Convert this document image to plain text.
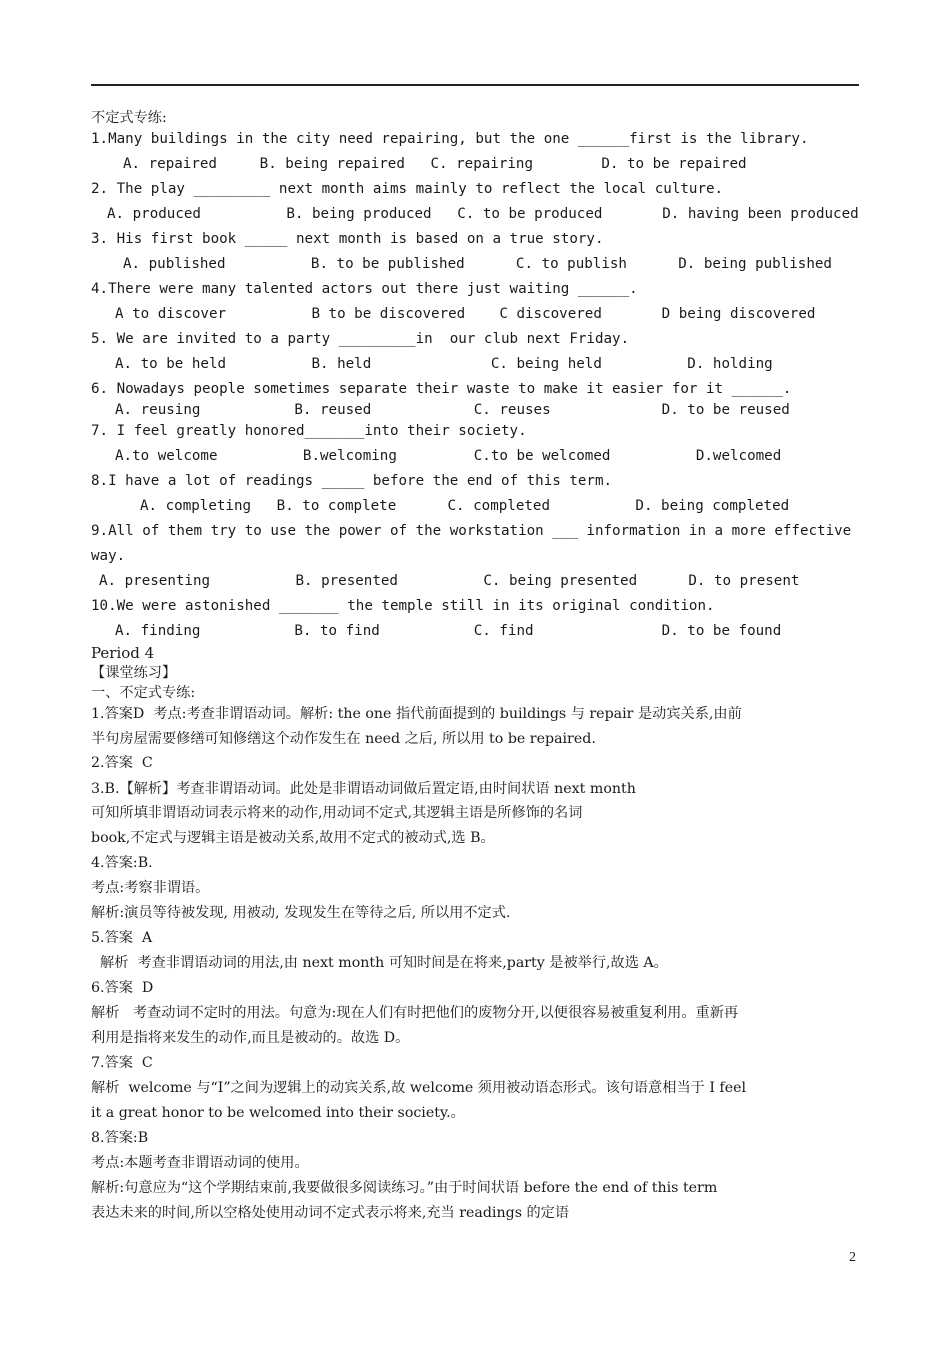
不定式专练:
1.Many buildings in the city need repairing, but the one ______first is the library.
A. repaired     B. being repaired   C. repairing        D. to be repaired
2. The play _________ next month aims mainly to reflect the local culture.
A. produced          B. being produced   C. to be produced       D. having been produced
3. His first book _____ next month is based on a true story.
A. published          B. to be published      C. to publish      D. being published
4.There were many talented actors out there just waiting ______.
A to discover          B to be discovered    C discovered       D being discovered
5. We are invited to a party _________in  our club next Friday.
A. to be held          B. held              C. being held          D. holding
6. Nowadays people sometimes separate their waste to make it easier for it ______.
A. reusing           B. reused            C. reuses             D. to be reused
7. I feel greatly honored_______into their society.
A.to welcome          B.welcoming         C.to be welcomed          D.welcomed
8.I have a lot of readings _____ before the end of this term.
A. completing   B. to complete      C. completed          D. being completed
9.All of them try to use the power of the workstation ___ information in a more effective
way.
A. presenting          B. presented          C. being presented      D. to present
10.We were astonished _______ the temple still in its original condition.
A. finding           B. to find           C. find               D. to be found
Period 4
【课堂练习】
一、不定式专练:
1.答案D  考点:考查非谓语动词。解析: the one 指代前面提到的 buildings 与 repair 是动宾关系,由前
半句房屋需要修缮可知修缮这个动作发生在 need 之后, 所以用 to be repaired.
2.答案  C
3.B.【解析】考查非谓语动词。此处是非谓语动词做后置定语,由时间状语 next month
可知所填非谓语动词表示将来的动作,用动词不定式,其逻辑主语是所修饰的名词
book,不定式与逻辑主语是被动关系,故用不定式的被动式,选 B。
4.答案:B.
考点:考察非谓语。
解析:演员等待被发现, 用被动, 发现发生在等待之后, 所以用不定式.
5.答案  A
解析  考查非谓语动词的用法,由 next month 可知时间是在将来,party 是被举行,故选 A。
6.答案  D
解析   考查动词不定时的用法。句意为:现在人们有时把他们的废物分开,以便很容易被重复利用。重新再
利用是指将来发生的动作,而且是被动的。故选 D。
7.答案  C
解析  welcome 与“I”之间为逻辑上的动宾关系,故 welcome 须用被动语态形式。该句语意相当于 I feel
it a great honor to be welcomed into their society.。
8.答案:B
考点:本题考查非谓语动词的使用。
解析:句意应为“这个学期结束前,我要做很多阅读练习。”由于时间状语 before the end of this term
表达未来的时间,所以空格处使用动词不定式表示将来,充当 readings 的定语
2
